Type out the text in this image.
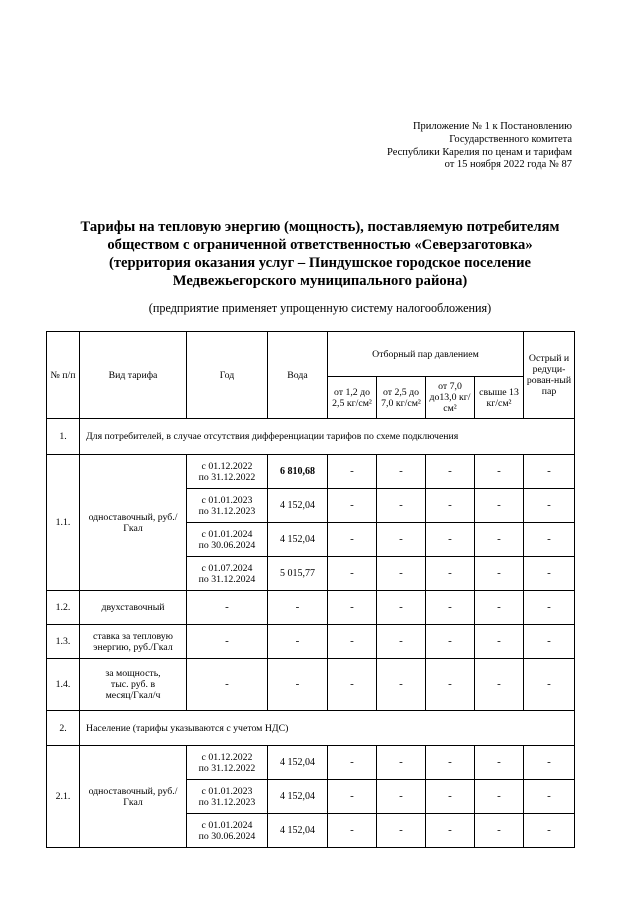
Приложение № 1 к Постановлению
Государственного комитета
Республики Карелия по ценам и тарифам
от 15 ноября 2022 года № 87
Тарифы на тепловую энергию (мощность), поставляемую потребителям
обществом с ограниченной ответственностью «Северзаготовка»
(территория оказания услуг – Пиндушское городское поселение
Медвежьегорского муниципального района)
(предприятие применяет упрощенную систему налогообложения)
№ п/п	Вид тарифа	Год	Вода	Отборный пар давлением				Острый и редуци-рован-ный пар
				от 1,2 до 2,5 кг/см²	от 2,5 до 7,0 кг/см²	от 7,0 до13,0 кг/см²	свыше 13 кг/см²	
1.	Для потребителей, в случае отсутствия дифференциации тарифов по схеме подключения							
1.1.	одноставочный, руб./Гкал	с 01.12.2022
по 31.12.2022	6 810,68	-	-	-	-	-

		с 01.01.2023
по 31.12.2023	4 152,04	-	-	-	-	-

		с 01.01.2024
по 30.06.2024	4 152,04	-	-	-	-	-

		с 01.07.2024
по 31.12.2024	5 015,77	-	-	-	-	-
1.2.	двухставочный	-	-	-	-	-	-	-
1.3.	ставка за тепловую энергию, руб./Гкал	-	-	-	-	-	-	-
1.4.	за мощность, тыс. руб. в месяц/Гкал/ч	-	-	-	-	-	-	-
2.	Население (тарифы указываются с учетом НДС)							
2.1.	одноставочный, руб./Гкал	с 01.12.2022
по 31.12.2022	4 152,04	-	-	-	-	-

		с 01.01.2023
по 31.12.2023	4 152,04	-	-	-	-	-

		с 01.01.2024
по 30.06.2024	4 152,04	-	-	-	-	-
